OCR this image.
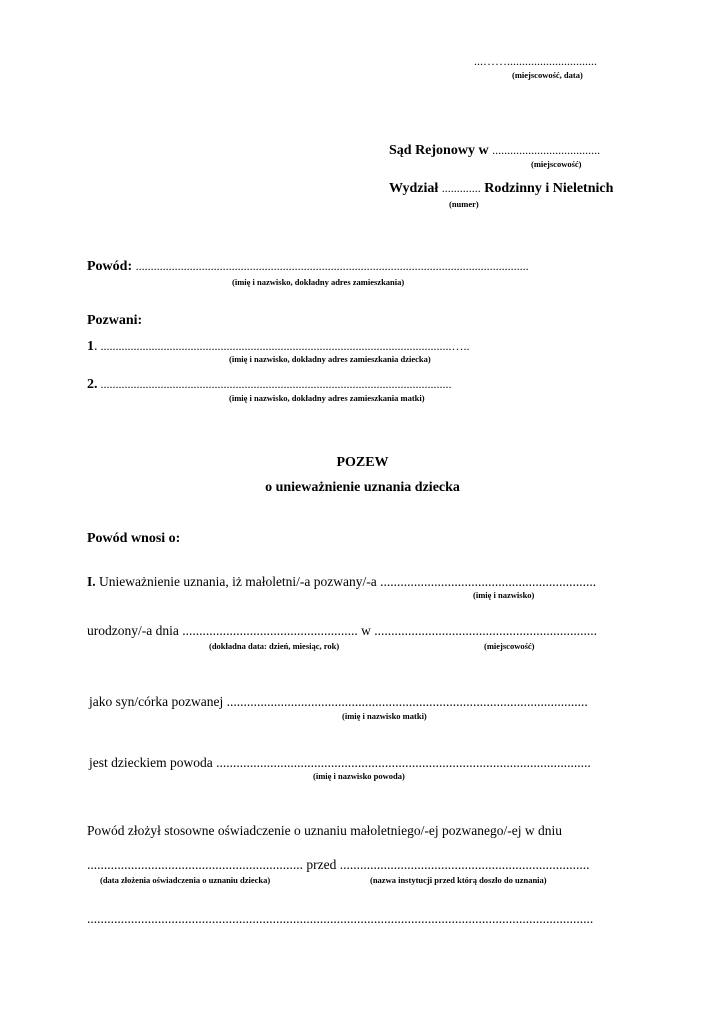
...……..............................
(miejscowość, data)
Sąd Rejonowy w ....................................
(miejscowość)
Wydział ............. Rodzinny i Nieletnich
(numer)
Powód: ...................................................................................................................................
(imię i nazwisko, dokładny adres zamieszkania)
Pozwani:
1. .....................................................................................................................…..
(imię i nazwisko, dokładny adres zamieszkania dziecka)
2. .....................................................................................................................
(imię i nazwisko, dokładny adres zamieszkania matki)
POZEW
o unieważnienie uznania dziecka
Powód wnosi o:
I. Unieważnienie uznania, iż małoletni/-a pozwany/-a ................................................................
(imię i nazwisko)
urodzony/-a dnia .................................................... w ..................................................................
(dokładna data: dzień, miesiąc, rok)	(miejscowość)
jako syn/córka pozwanej ...........................................................................................................
(imię i nazwisko matki)
jest dzieckiem powoda ...............................................................................................................
(imię i nazwisko powoda)
Powód złożył stosowne oświadczenie o uznaniu małoletniego/-ej pozwanego/-ej w dniu
................................................................ przed ..........................................................................
(data złożenia oświadczenia o uznaniu dziecka)	(nazwa instytucji przed którą doszło do uznania)
......................................................................................................................................................
